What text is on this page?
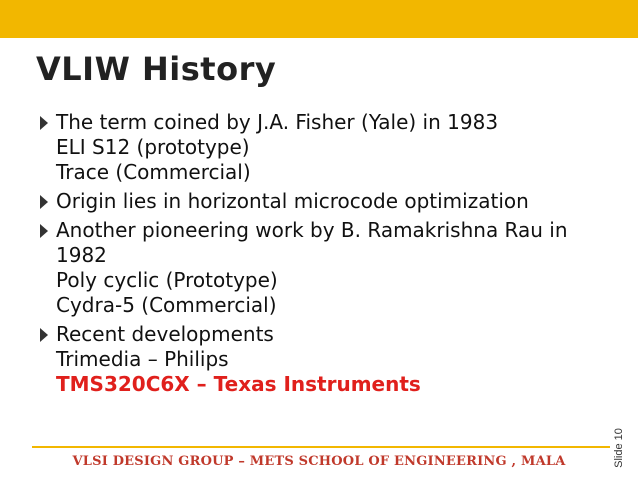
VLIW History
The term coined by J.A. Fisher (Yale) in 1983
ELI S12 (prototype)
Trace (Commercial)
Origin lies in horizontal microcode optimization
Another pioneering work by B. Ramakrishna Rau in
1982
Poly cyclic (Prototype)
Cydra-5 (Commercial)
Recent developments
Trimedia – Philips
TMS320C6X – Texas Instruments
Slide 10
VLSI DESIGN GROUP – METS SCHOOL OF ENGINEERING , MALA
